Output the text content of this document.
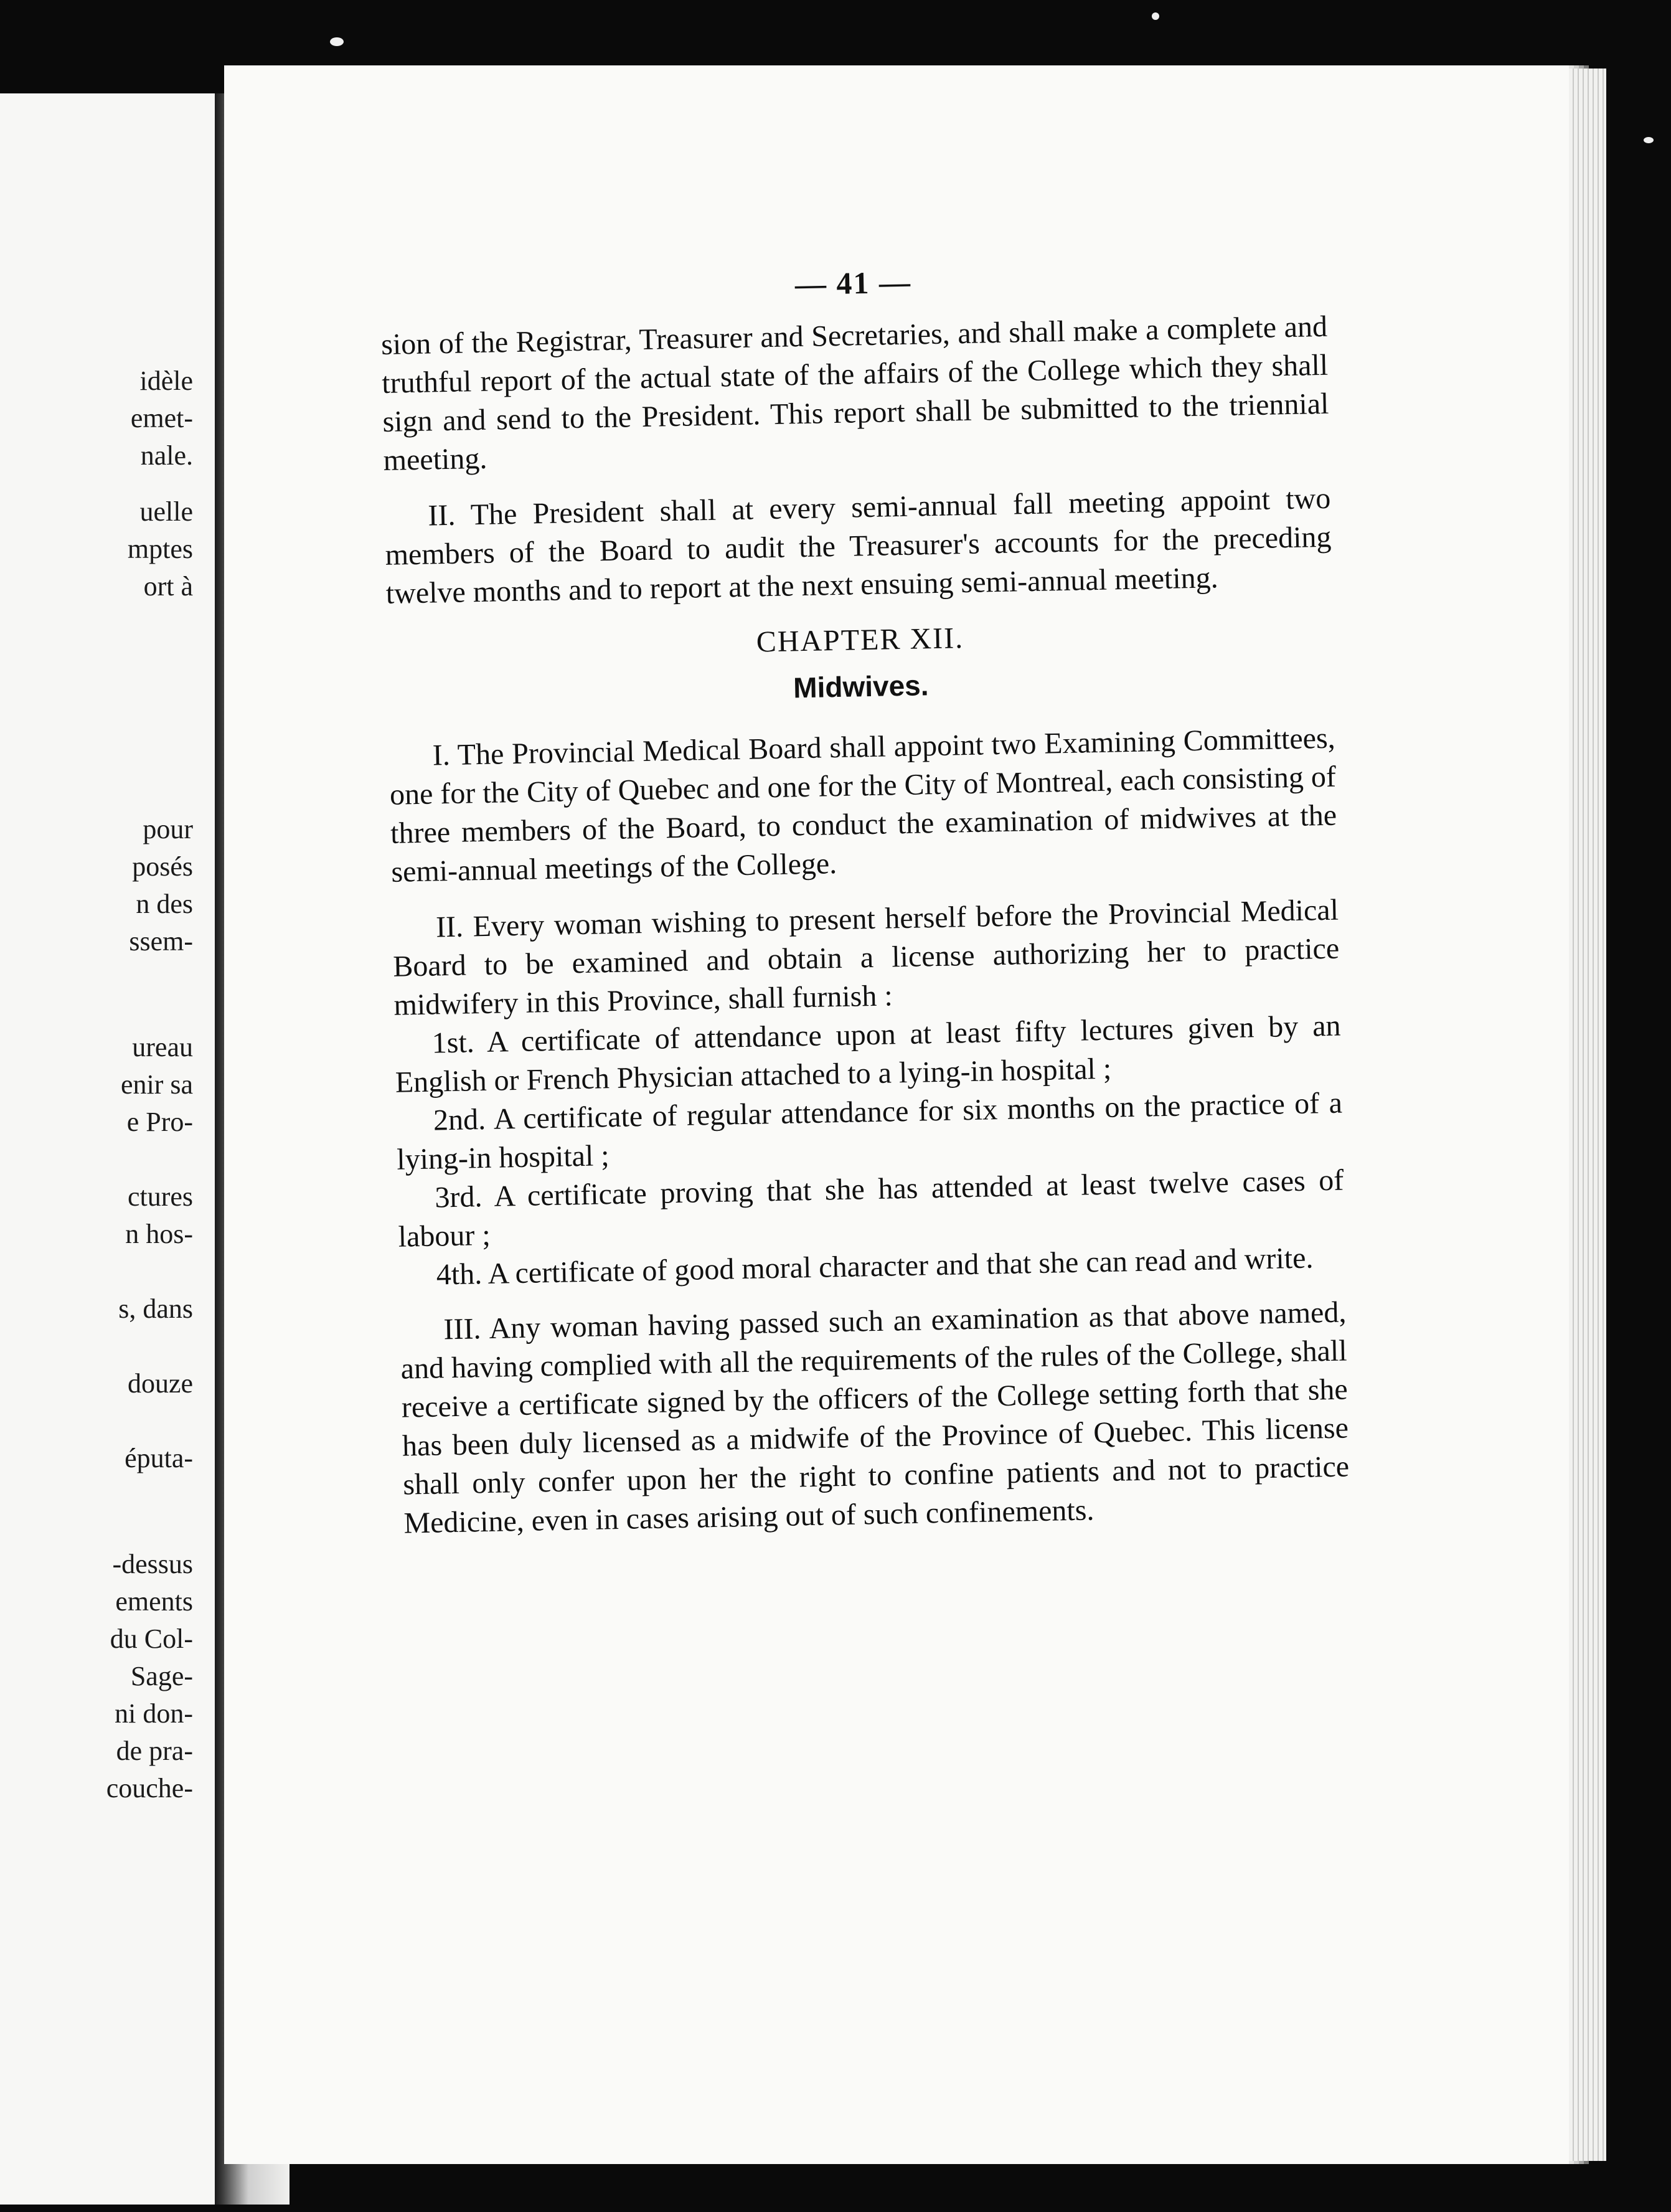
idèle
emet-
nale.
uelle
mptes
ort à
pour
posés
n des
ssem-
ureau
enir sa
e Pro-
ctures
n hos-
s, dans
douze
éputa-
-dessus
ements
du Col-
Sage-
ni don-
de pra-
couche-
— 41 —

sion of the Registrar, Treasurer and Secretaries, and shall make a complete and truthful report of the actual state of the affairs of the College which they shall sign and send to the President. This report shall be submitted to the triennial meeting.

II. The President shall at every semi-annual fall meeting appoint two members of the Board to audit the Treasurer's accounts for the preceding twelve months and to report at the next ensuing semi-annual meeting.

CHAPTER XII.
Midwives.

I. The Provincial Medical Board shall appoint two Examining Committees, one for the City of Quebec and one for the City of Montreal, each consisting of three members of the Board, to conduct the examination of midwives at the semi-annual meetings of the College.

II. Every woman wishing to present herself before the Provincial Medical Board to be examined and obtain a license authorizing her to practice midwifery in this Province, shall furnish :

1st. A certificate of attendance upon at least fifty lectures given by an English or French Physician attached to a lying-in hospital ;

2nd. A certificate of regular attendance for six months on the practice of a lying-in hospital ;

3rd. A certificate proving that she has attended at least twelve cases of labour ;

4th. A certificate of good moral character and that she can read and write.

III. Any woman having passed such an examination as that above named, and having complied with all the requirements of the rules of the College, shall receive a certificate signed by the officers of the College setting forth that she has been duly licensed as a midwife of the Province of Quebec. This license shall only confer upon her the right to confine patients and not to practice Medicine, even in cases arising out of such confinements.
